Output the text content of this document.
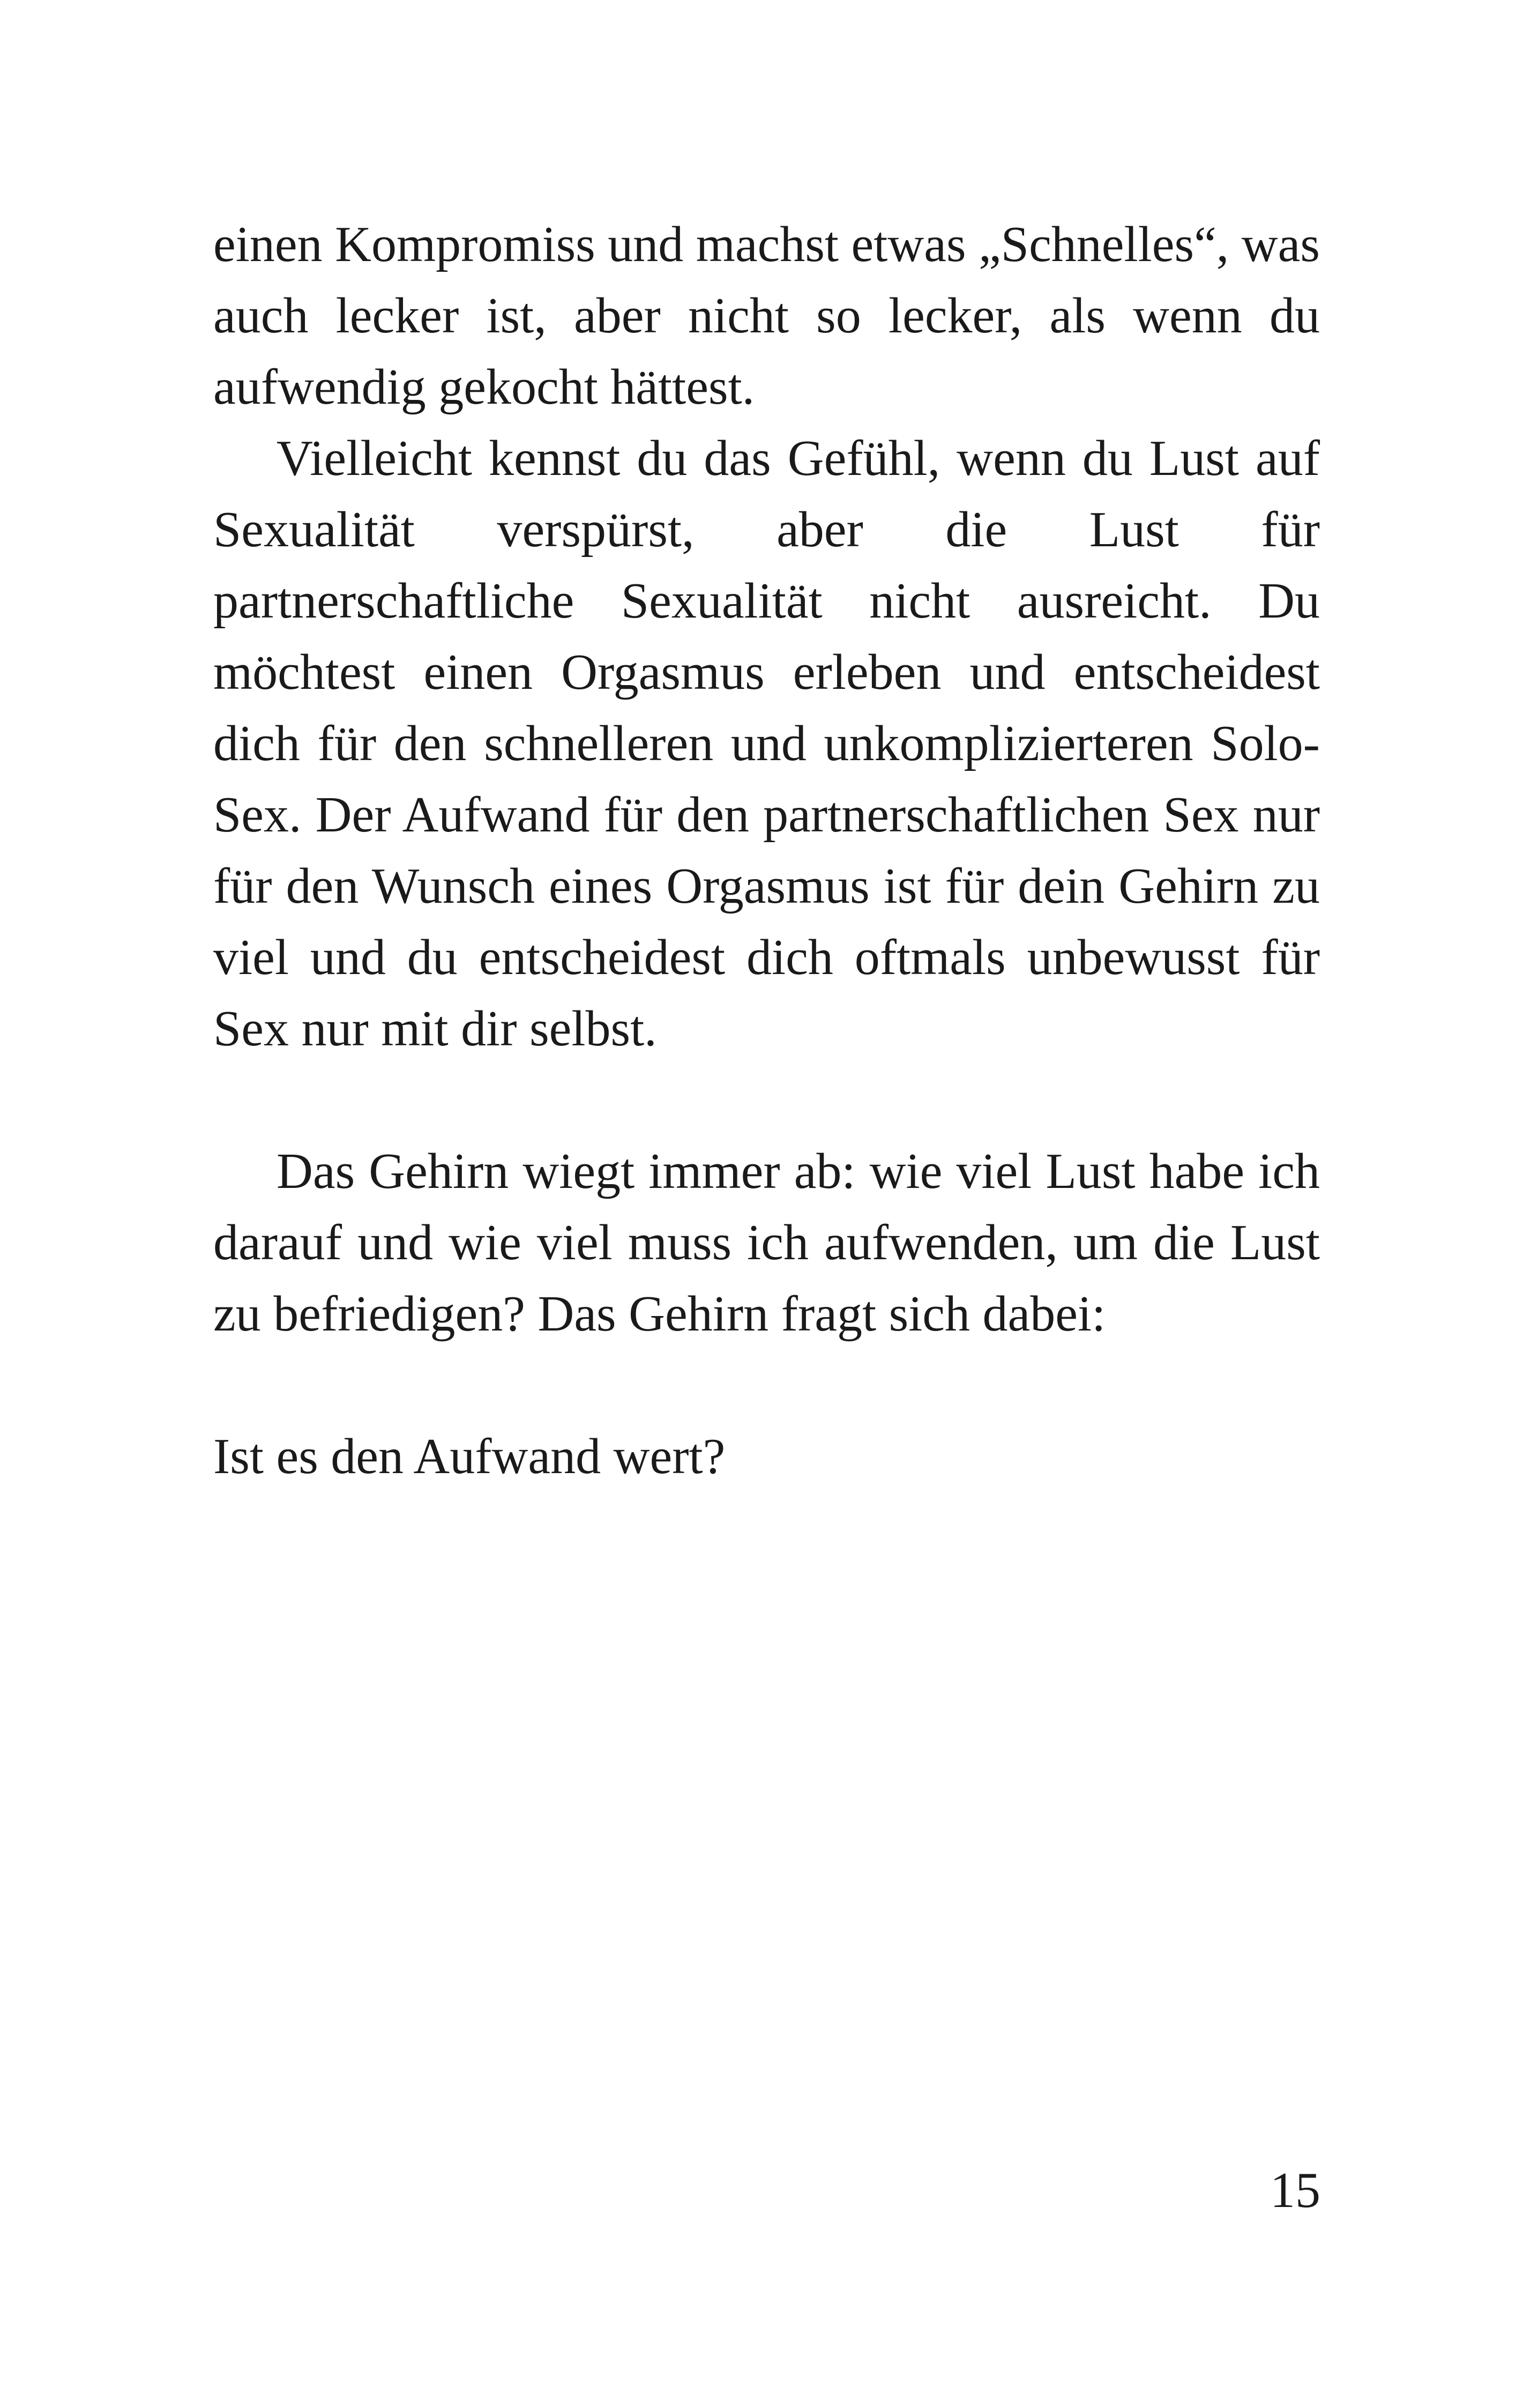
einen Kompromiss und machst etwas „Schnelles“, was auch lecker ist, aber nicht so lecker, als wenn du aufwendig gekocht hättest.

Vielleicht kennst du das Gefühl, wenn du Lust auf Sexualität verspürst, aber die Lust für partnerschaftliche Sexualität nicht ausreicht. Du möchtest einen Orgasmus erleben und entscheidest dich für den schnelleren und unkomplizierteren Solo-Sex. Der Aufwand für den partnerschaftlichen Sex nur für den Wunsch eines Orgasmus ist für dein Gehirn zu viel und du entscheidest dich oftmals unbewusst für Sex nur mit dir selbst.

Das Gehirn wiegt immer ab: wie viel Lust habe ich darauf und wie viel muss ich aufwenden, um die Lust zu befriedigen? Das Gehirn fragt sich dabei:

Ist es den Aufwand wert?

15
